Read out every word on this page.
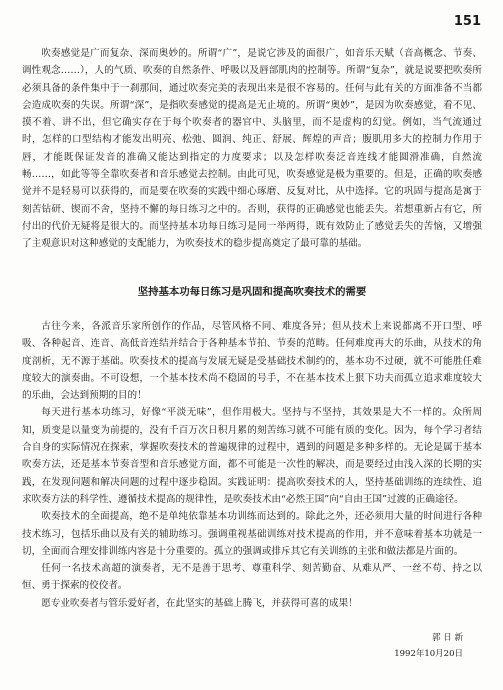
151

吹奏感觉是广而复杂、深而奥妙的。所谓“广”，是说它涉及的面很广，如音乐天赋（音高概念、节奏、调性观念……），人的气质、吹奏的自然条件、呼吸以及唇部肌肉的控制等。所谓“复杂”，就是说要把吹奏所必须具备的条件集中于一刹那间，通过吹奏完美的表现出来是很不容易的。任何与此有关的方面准备不当都会造成吹奏的失误。所谓“深”，是指吹奏感觉的提高是无止境的。所谓“奥妙”，是因为吹奏感觉，看不见、摸不着、讲不出，但它确实存在于每个吹奏者的器官中、头脑里，而不是虚构的幻觉。例如，当气流通过时，怎样的口型结构才能发出明亮、松弛、圆润、纯正、舒展、辉煌的声音；腹肌用多大的控制力作用于唇，才能既保证发音的准确又能达到指定的力度要求；以及怎样吹奏泛音连线才能圆滑准确，自然流畅……，如此等等全靠吹奏者和音乐感觉去控制。由此可见，吹奏感觉是极为重要的。但是，正确的吹奏感觉并不是轻易可以获得的，而是要在吹奏的实践中细心琢磨、反复对比，从中选择。它的巩固与提高是寓于刻苦钻研、锲而不舍，坚持不懈的每日练习之中的。否则，获得的正确感觉也能丢失。若想重新占有它，所付出的代价无疑将是很大的。而坚持基本功每日练习是同一举两得，既有效防止了感觉丢失的苦恼，又增强了主观意识对这种感觉的支配能力，为吹奏技术的稳步提高奠定了最可靠的基础。

坚持基本功每日练习是巩固和提高吹奏技术的需要

古往今来，各派音乐家所创作的作品，尽管风格不同、难度各异；但从技术上来说都离不开口型、呼吸、各种起音、连音、高低音连结并结合于各种基本节拍、节奏的范畴。任何难度再大的乐曲，从技术的角度剖析，无不源于基础。吹奏技术的提高与发展无疑是受基础技术制约的，基本功不过硬，就不可能胜任难度较大的演奏曲。不可设想，一个基本技术尚不稳固的号手，不在基本技术上狠下功夫而孤立追求难度较大的乐曲，会达到预期的目的！

每天进行基本功练习，好像“平淡无味”，但作用极大。坚持与不坚持，其效果是大不一样的。众所周知，质变是以量变为前提的，没有千百万次日积月累的刻苦练习就不可能有质的变化。因为，每个学习者结合自身的实际情况在探索，掌握吹奏技术的普遍规律的过程中，遇到的问题是多种多样的。无论是属于基本吹奏方法，还是基本节奏音型和音乐感觉方面，都不可能是一次性的解决，而是要经过由浅入深的长期的实践，在发现问题和解决问题的过程中逐步稳固。实践证明：提高吹奏技术的人，坚持基础训练的连续性、追求吹奏方法的科学性、遵循技术提高的规律性，是吹奏技术由“必然王国”向“自由王国”过渡的正确途径。

吹奏技术的全面提高，绝不是单纯依靠基本功训练而达到的。除此之外，还必须用大量的时间进行各种技术练习，包括乐曲以及有关的辅助练习。强调重视基础训练对技术提高的作用，并不意味着基本功就是一切，全面而合理安排训练内容是十分重要的。孤立的强调或排斥其它有关训练的主张和做法都是片面的。

任何一名技术高超的演奏者，无不是善于思考、尊重科学、刻苦勤奋、从难从严、一丝不苟、持之以恒、勇于探索的佼佼者。

愿专业吹奏者与管乐爱好者，在此坚实的基础上腾飞，并获得可喜的成果！

郭 日 新
1992年10月20日
